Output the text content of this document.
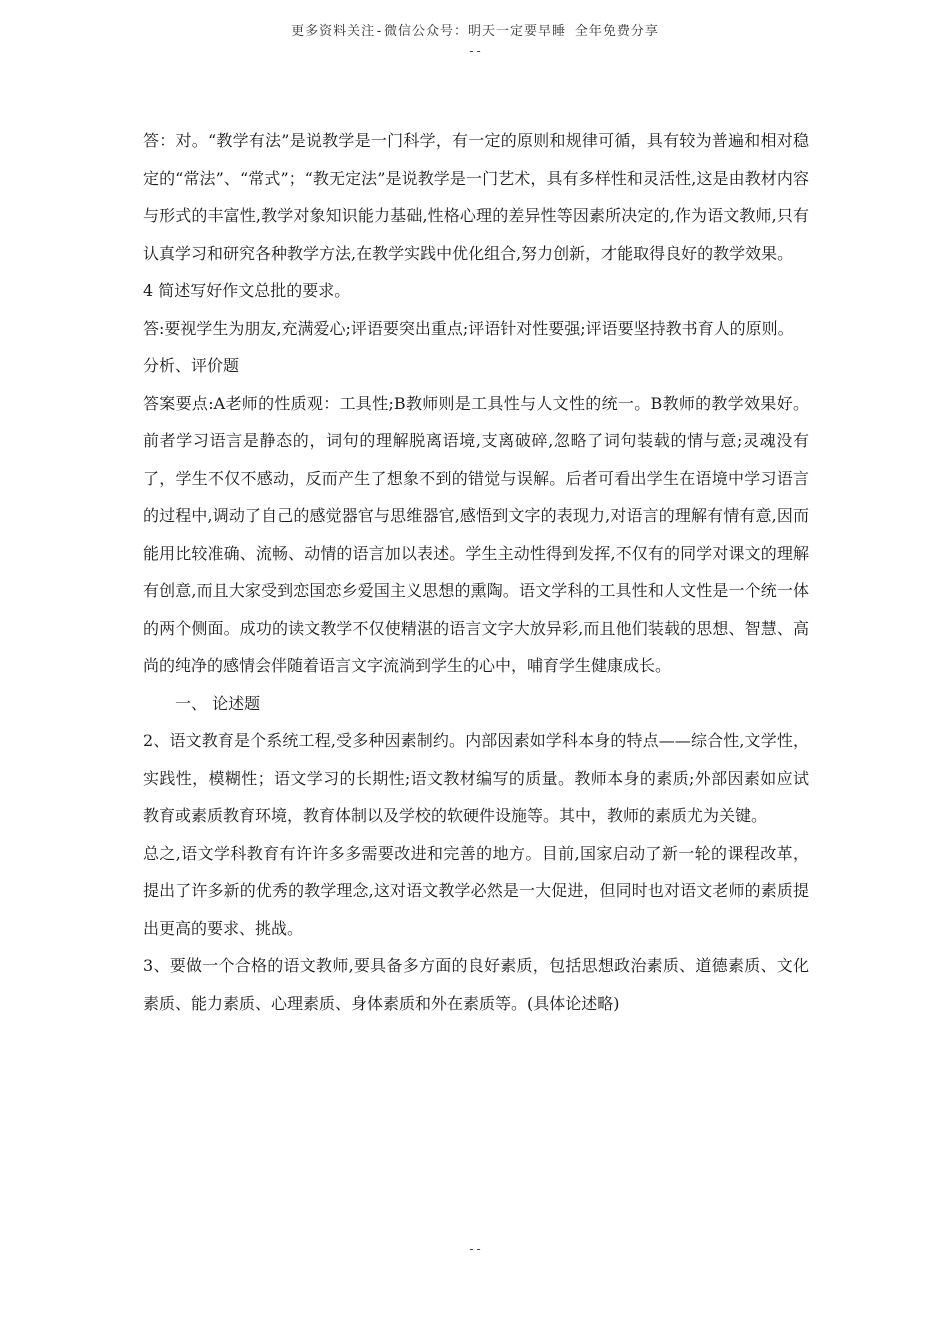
更多资料关注-微信公众号：明天一定要早睡 全年免费分享
--

答：对。“教学有法”是说教学是一门科学，有一定的原则和规律可循，具有较为普遍和相对稳定的“常法”、“常式”；“教无定法”是说教学是一门艺术，具有多样性和灵活性,这是由教材内容与形式的丰富性,教学对象知识能力基础,性格心理的差异性等因素所决定的,作为语文教师,只有认真学习和研究各种教学方法,在教学实践中优化组合,努力创新，才能取得良好的教学效果。

4 简述写好作文总批的要求。

答:要视学生为朋友,充满爱心;评语要突出重点;评语针对性要强;评语要坚持教书育人的原则。

分析、评价题

答案要点:A老师的性质观：工具性;B教师则是工具性与人文性的统一。B教师的教学效果好。前者学习语言是静态的，词句的理解脱离语境,支离破碎,忽略了词句装载的情与意;灵魂没有了，学生不仅不感动，反而产生了想象不到的错觉与误解。后者可看出学生在语境中学习语言的过程中,调动了自己的感觉器官与思维器官,感悟到文字的表现力,对语言的理解有情有意,因而能用比较准确、流畅、动情的语言加以表述。学生主动性得到发挥,不仅有的同学对课文的理解有创意,而且大家受到恋国恋乡爱国主义思想的熏陶。语文学科的工具性和人文性是一个统一体的两个侧面。成功的读文教学不仅使精湛的语言文字大放异彩,而且他们装载的思想、智慧、高尚的纯净的感情会伴随着语言文字流淌到学生的心中，哺育学生健康成长。

一、 论述题

2、语文教育是个系统工程,受多种因素制约。内部因素如学科本身的特点——综合性,文学性，实践性，模糊性；语文学习的长期性;语文教材编写的质量。教师本身的素质;外部因素如应试教育或素质教育环境，教育体制以及学校的软硬件设施等。其中，教师的素质尤为关键。

总之,语文学科教育有许许多多需要改进和完善的地方。目前,国家启动了新一轮的课程改革，提出了许多新的优秀的教学理念,这对语文教学必然是一大促进，但同时也对语文老师的素质提出更高的要求、挑战。

3、要做一个合格的语文教师,要具备多方面的良好素质，包括思想政治素质、道德素质、文化素质、能力素质、心理素质、身体素质和外在素质等。(具体论述略)

--
